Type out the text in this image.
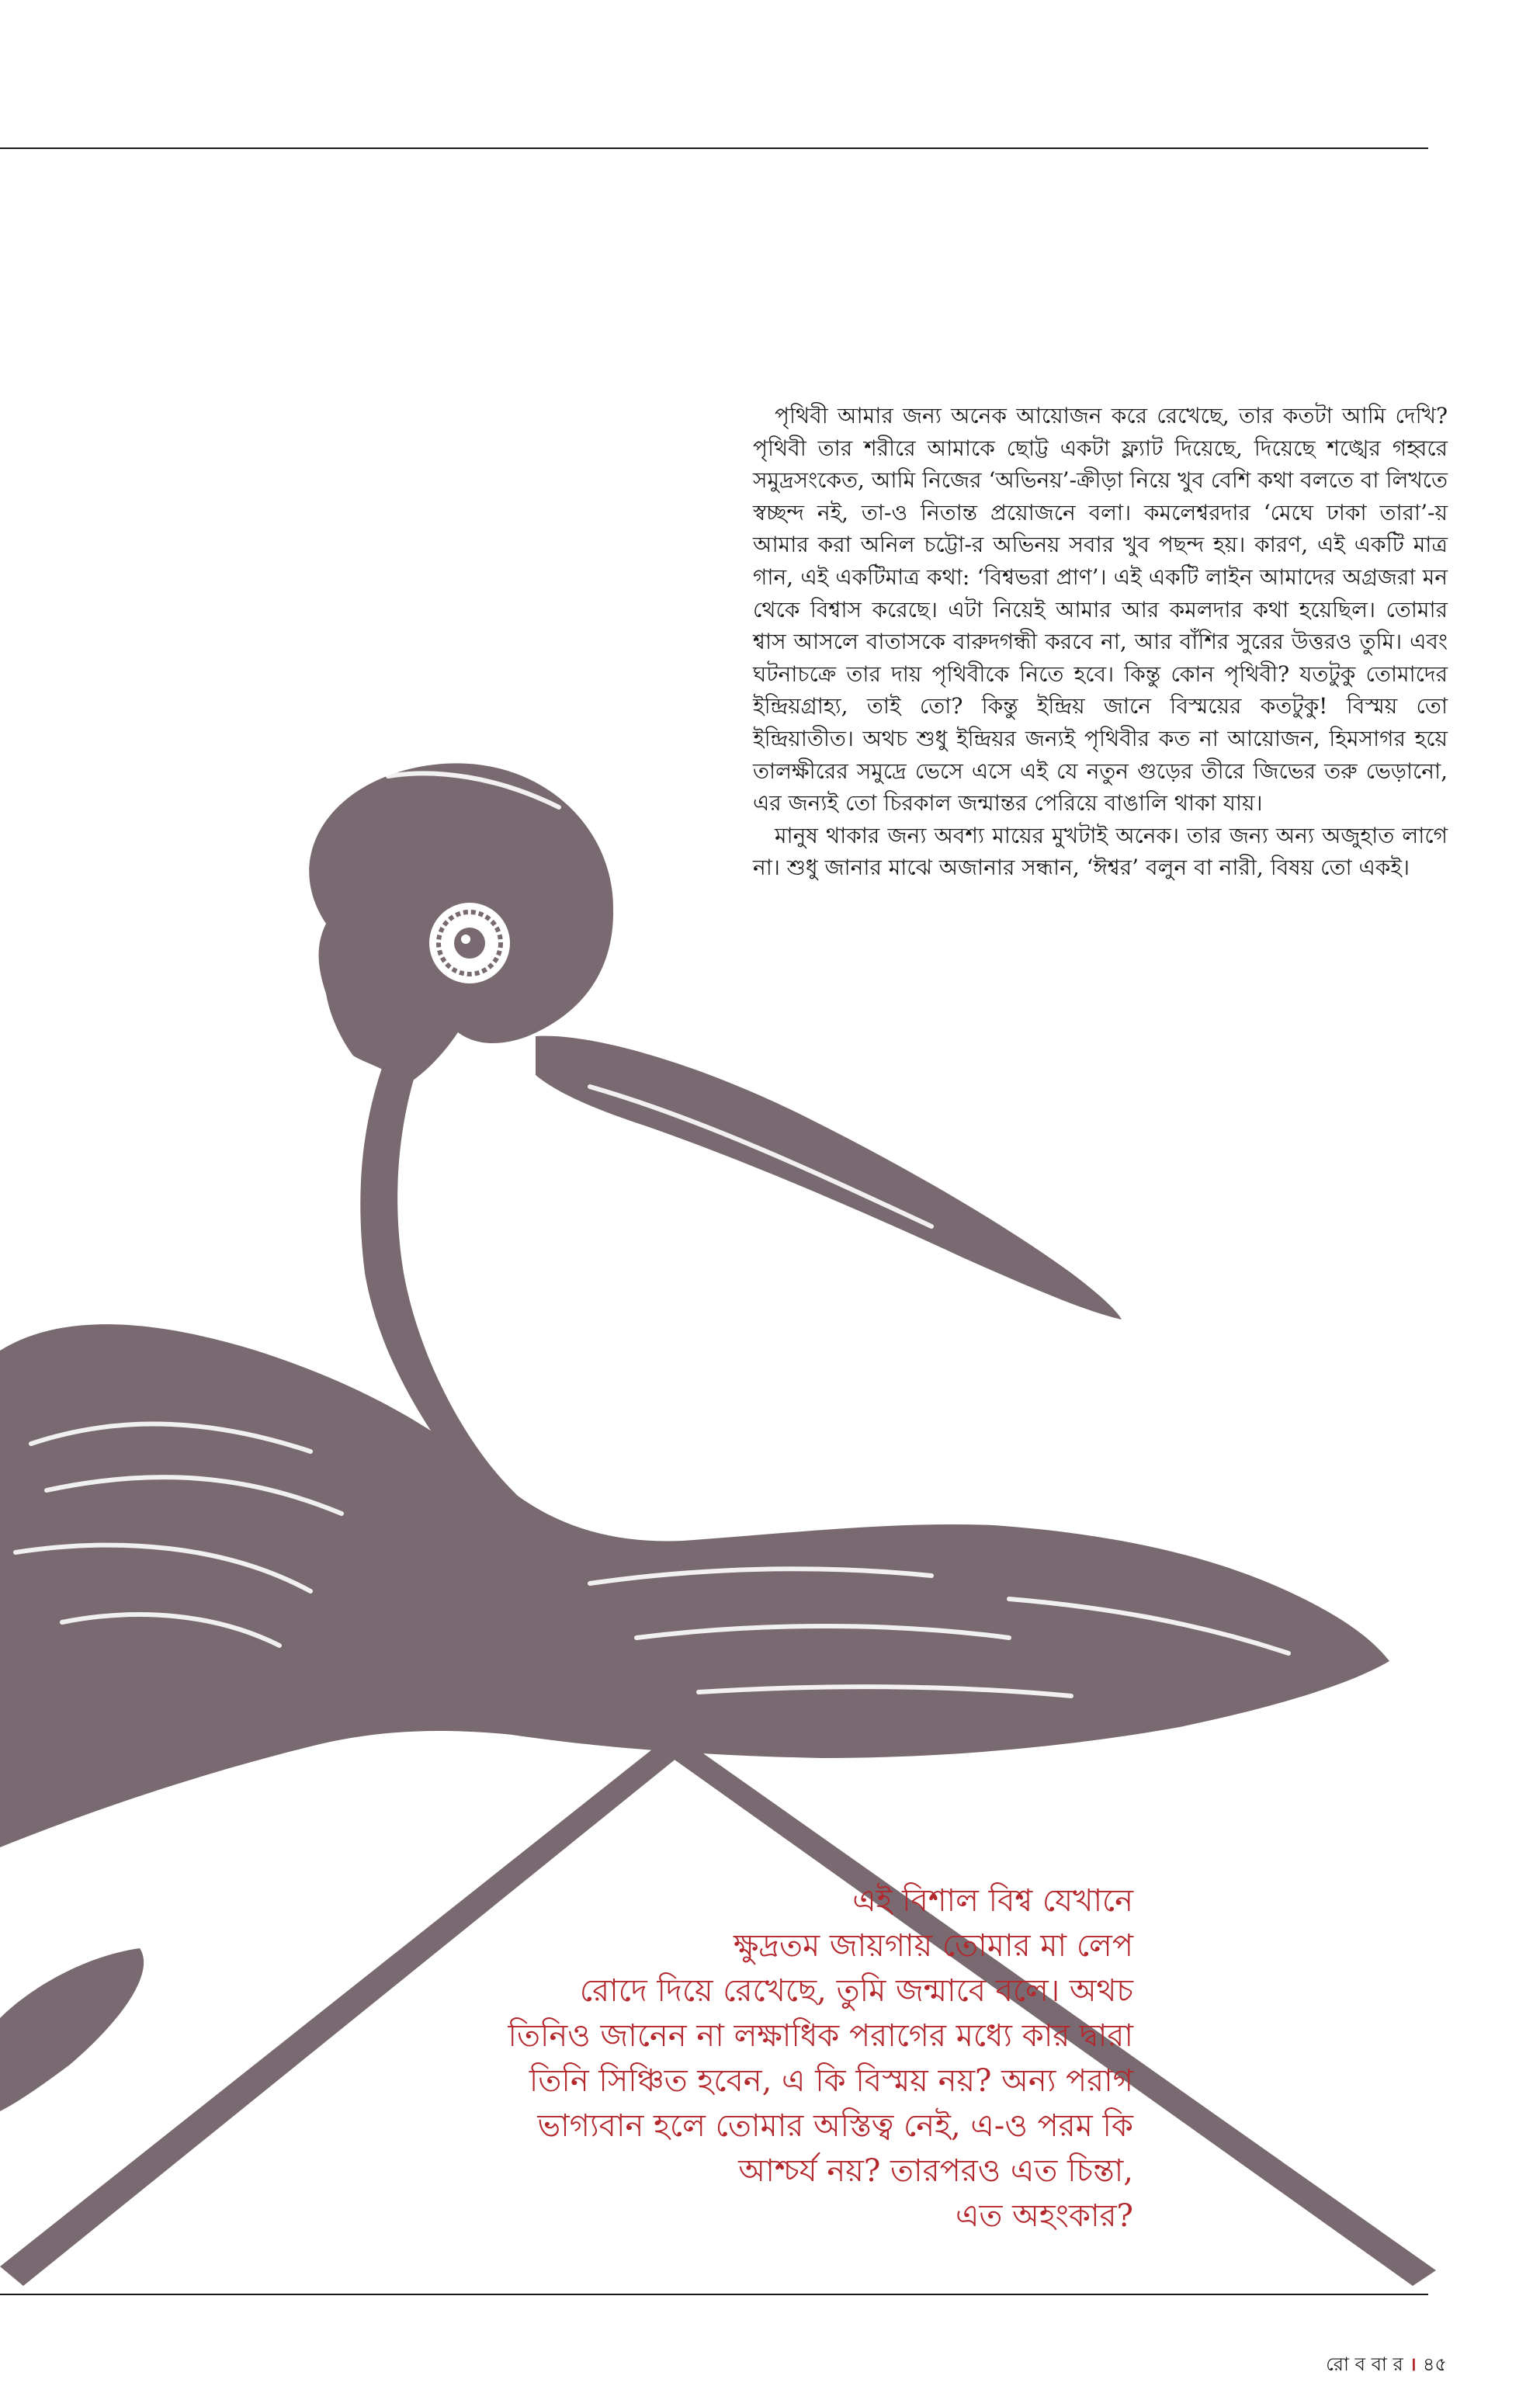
পৃথিবী আমার জন্য অনেক আয়োজন করে রেখেছে, তার কতটা আমি দেখি? পৃথিবী তার শরীরে আমাকে ছোট্ট একটা ফ্ল্যাট দিয়েছে, দিয়েছে শঙ্খের গহ্বরে সমুদ্রসংকেত, আমি নিজের ‘অভিনয়’-ক্রীড়া নিয়ে খুব বেশি কথা বলতে বা লিখতে স্বচ্ছন্দ নই, তা-ও নিতান্ত প্রয়োজনে বলা। কমলেশ্বরদার ‘মেঘে ঢাকা তারা’-য় আমার করা অনিল চট্টো-র অভিনয় সবার খুব পছন্দ হয়। কারণ, এই একটি মাত্র গান, এই একটিমাত্র কথা: ‘বিশ্বভরা প্রাণ’। এই একটি লাইন আমাদের অগ্রজরা মন থেকে বিশ্বাস করেছে। এটা নিয়েই আমার আর কমলদার কথা হয়েছিল। তোমার শ্বাস আসলে বাতাসকে বারুদগন্ধী করবে না, আর বাঁশির সুরের উত্তরও তুমি। এবং ঘটনাচক্রে তার দায় পৃথিবীকে নিতে হবে। কিন্তু কোন পৃথিবী? যতটুকু তোমাদের ইন্দ্রিয়গ্রাহ্য, তাই তো? কিন্তু ইন্দ্রিয় জানে বিস্ময়ের কতটুকু! বিস্ময় তো ইন্দ্রিয়াতীত। অথচ শুধু ইন্দ্রিয়র জন্যই পৃথিবীর কত না আয়োজন, হিমসাগর হয়ে তালক্ষীরের সমুদ্রে ভেসে এসে এই যে নতুন গুড়ের তীরে জিভের তরু ভেড়ানো, এর জন্যই তো চিরকাল জন্মান্তর পেরিয়ে বাঙালি থাকা যায়।

মানুষ থাকার জন্য অবশ্য মায়ের মুখটাই অনেক। তার জন্য অন্য অজুহাত লাগে না। শুধু জানার মাঝে অজানার সন্ধান, ‘ঈশ্বর’ বলুন বা নারী, বিষয় তো একই।

এই বিশাল বিশ্ব যেখানে
ক্ষুদ্রতম জায়গায় তোমার মা লেপ
রোদে দিয়ে রেখেছে, তুমি জন্মাবে বলে। অথচ
তিনিও জানেন না লক্ষাধিক পরাগের মধ্যে কার দ্বারা
তিনি সিঞ্চিত হবেন, এ কি বিস্ময় নয়? অন্য পরাগ
ভাগ্যবান হলে তোমার অস্তিত্ব নেই, এ-ও পরম কি
আশ্চর্য নয়? তারপরও এত চিন্তা,
এত অহংকার?
রো ব বা র । ৪৫
